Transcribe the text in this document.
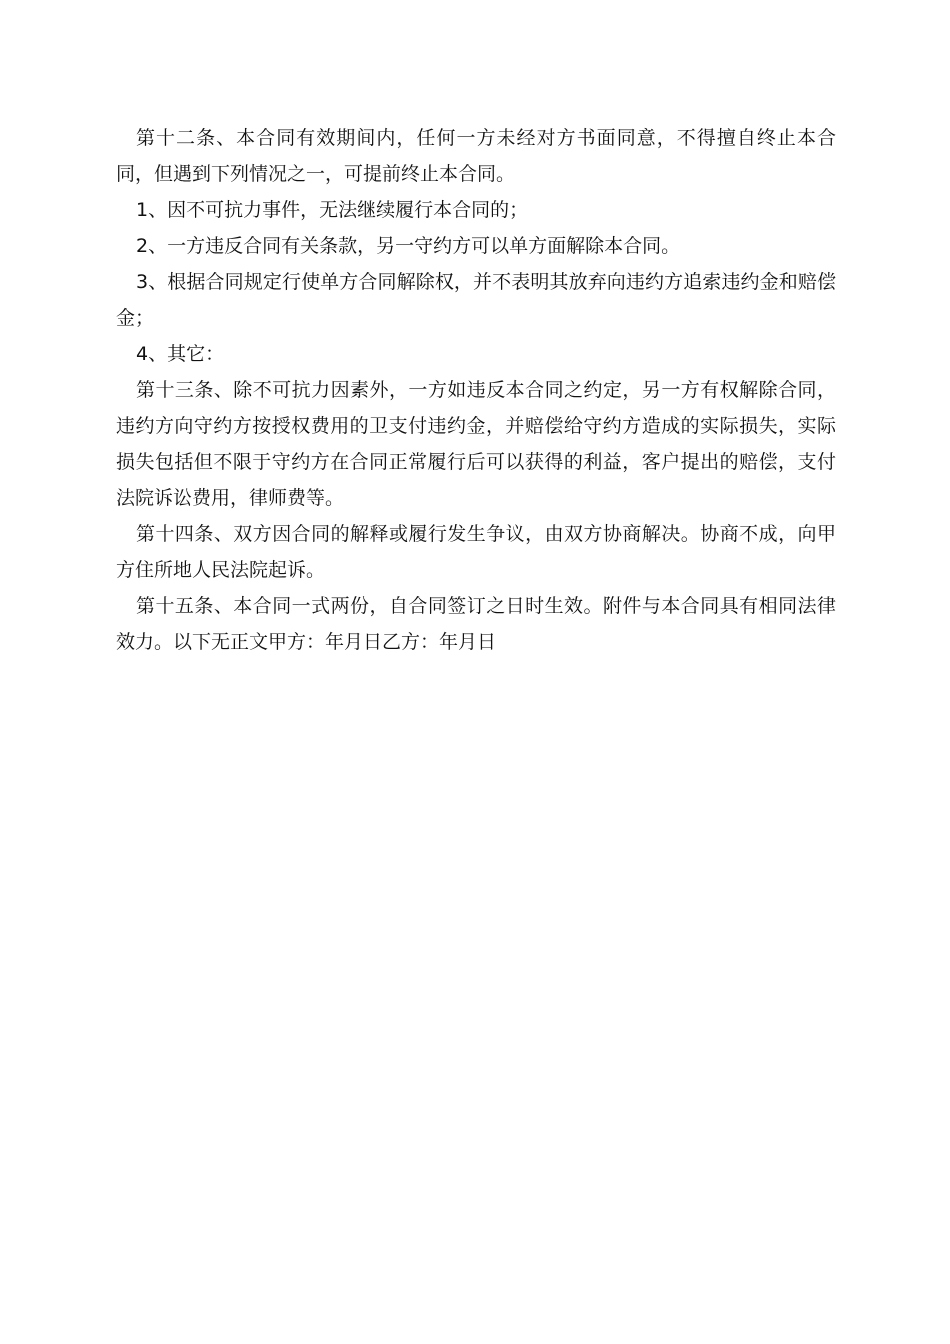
第十二条、本合同有效期间内，任何一方未经对方书面同意，不得擅自终止本合同，但遇到下列情况之一，可提前终止本合同。

1、因不可抗力事件，无法继续履行本合同的；

2、一方违反合同有关条款，另一守约方可以单方面解除本合同。

3、根据合同规定行使单方合同解除权，并不表明其放弃向违约方追索违约金和赔偿金；

4、其它：

第十三条、除不可抗力因素外，一方如违反本合同之约定，另一方有权解除合同，违约方向守约方按授权费用的卫支付违约金，并赔偿给守约方造成的实际损失，实际损失包括但不限于守约方在合同正常履行后可以获得的利益，客户提出的赔偿，支付法院诉讼费用，律师费等。

第十四条、双方因合同的解释或履行发生争议，由双方协商解决。协商不成，向甲方住所地人民法院起诉。

第十五条、本合同一式两份，自合同签订之日时生效。附件与本合同具有相同法律效力。以下无正文甲方：年月日乙方：年月日
